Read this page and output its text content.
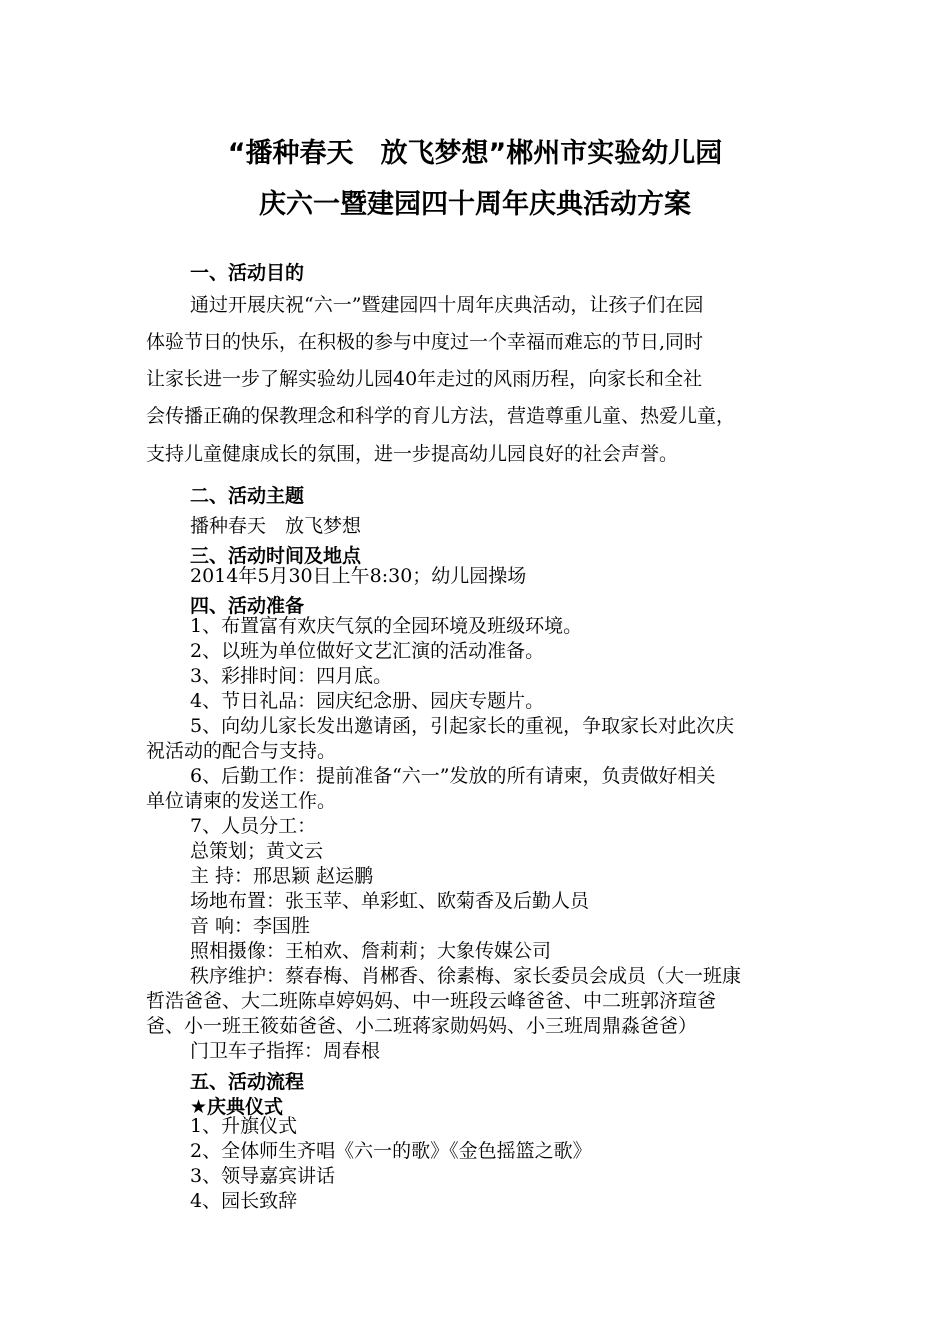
“播种春天　放飞梦想”郴州市实验幼儿园
庆六一暨建园四十周年庆典活动方案
一、活动目的
通过开展庆祝“六一”暨建园四十周年庆典活动，让孩子们在园
体验节日的快乐，在积极的参与中度过一个幸福而难忘的节日,同时
让家长进一步了解实验幼儿园40年走过的风雨历程，向家长和全社
会传播正确的保教理念和科学的育儿方法，营造尊重儿童、热爱儿童，
支持儿童健康成长的氛围，进一步提高幼儿园良好的社会声誉。
二、活动主题
播种春天　放飞梦想
三、活动时间及地点
2014年5月30日上午8:30；幼儿园操场
四、活动准备
1、布置富有欢庆气氛的全园环境及班级环境。
2、以班为单位做好文艺汇演的活动准备。
3、彩排时间：四月底。
4、节日礼品：园庆纪念册、园庆专题片。
5、向幼儿家长发出邀请函，引起家长的重视，争取家长对此次庆
祝活动的配合与支持。
6、后勤工作：提前准备“六一”发放的所有请柬，负责做好相关
单位请柬的发送工作。
7、人员分工：
总策划；黄文云
主 持：邢思颖 赵运鹏
场地布置：张玉苹、单彩虹、欧菊香及后勤人员
音 响：李国胜
照相摄像：王柏欢、詹莉莉；大象传媒公司
秩序维护：蔡春梅、肖郴香、徐素梅、家长委员会成员（大一班康
哲浩爸爸、大二班陈卓婷妈妈、中一班段云峰爸爸、中二班郭济瑄爸
爸、小一班王筱茹爸爸、小二班蒋家勋妈妈、小三班周鼎淼爸爸）
门卫车子指挥：周春根
五、活动流程
★庆典仪式
1、升旗仪式
2、全体师生齐唱《六一的歌》《金色摇篮之歌》
3、领导嘉宾讲话
4、园长致辞
